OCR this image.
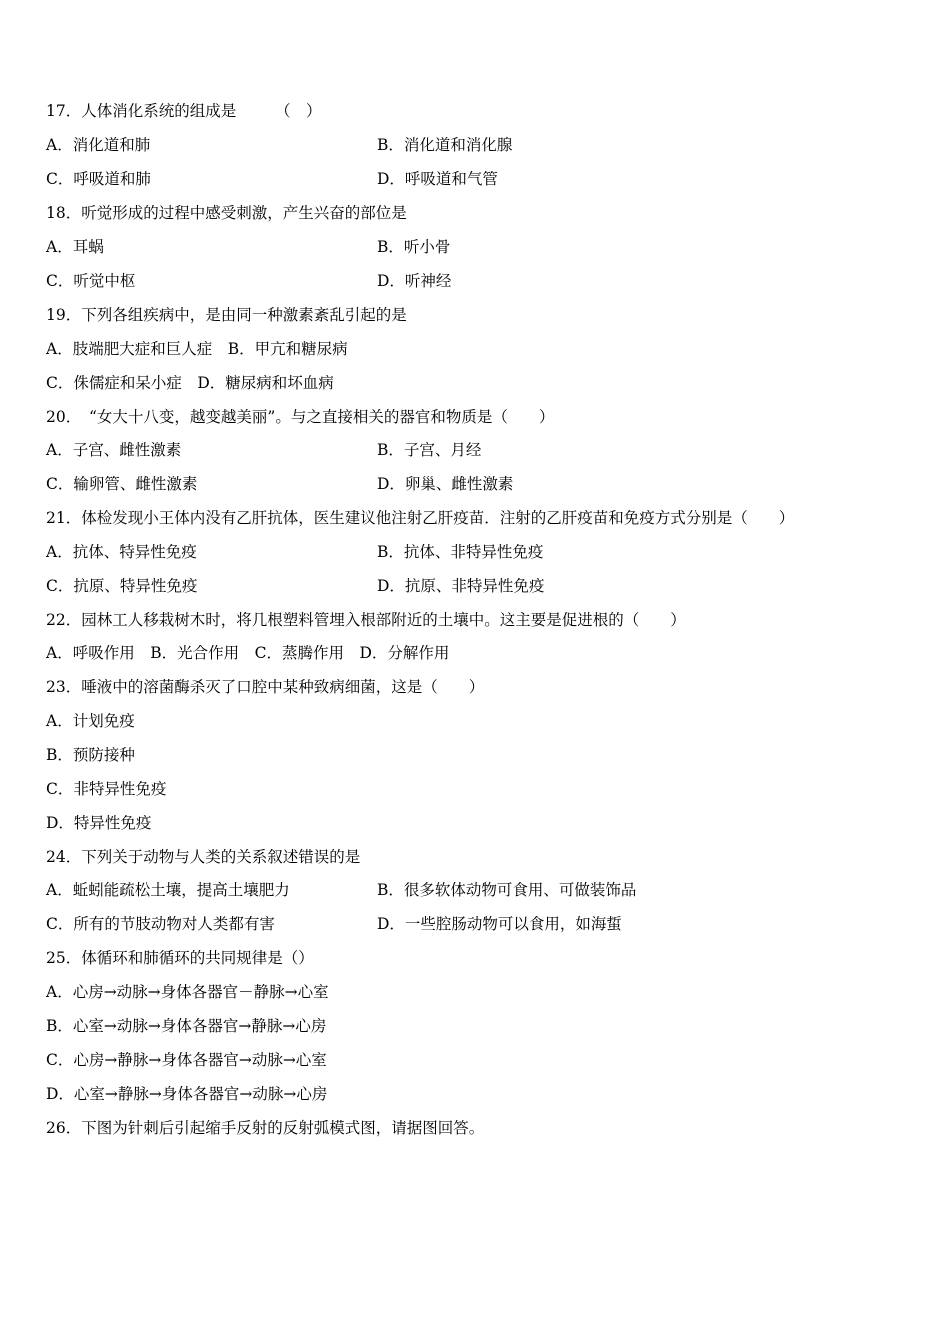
17．人体消化系统的组成是　　　（　）
A．消化道和肺	B．消化道和消化腺
C．呼吸道和肺	D．呼吸道和气管
18．听觉形成的过程中感受刺激，产生兴奋的部位是
A．耳蜗	B．听小骨
C．听觉中枢	D．听神经
19．下列各组疾病中，是由同一种激素紊乱引起的是
A．肢端肥大症和巨人症　B．甲亢和糖尿病
C．侏儒症和呆小症　D．糖尿病和坏血病
20．　“女大十八变，越变越美丽”。与之直接相关的器官和物质是（　　）
A．子宫、雌性激素	B．子宫、月经
C．输卵管、雌性激素	D．卵巢、雌性激素
21．体检发现小王体内没有乙肝抗体，医生建议他注射乙肝疫苗．注射的乙肝疫苗和免疫方式分别是（　　）
A．抗体、特异性免疫	B．抗体、非特异性免疫
C．抗原、特异性免疫	D．抗原、非特异性免疫
22．园林工人移栽树木时，将几根塑料管埋入根部附近的土壤中。这主要是促进根的（　　）
A．呼吸作用　B．光合作用　C．蒸腾作用　D．分解作用
23．唾液中的溶菌酶杀灭了口腔中某种致病细菌，这是（　　）
A．计划免疫
B．预防接种
C．非特异性免疫
D．特异性免疫
24．下列关于动物与人类的关系叙述错误的是
A．蚯蚓能疏松土壤，提高土壤肥力	B．很多软体动物可食用、可做装饰品
C．所有的节肢动物对人类都有害	D．一些腔肠动物可以食用，如海蜇
25．体循环和肺循环的共同规律是（）
A．心房→动脉→身体各器官－静脉→心室
B．心室→动脉→身体各器官→静脉→心房
C．心房→静脉→身体各器官→动脉→心室
D．心室→静脉→身体各器官→动脉→心房
26．下图为针刺后引起缩手反射的反射弧模式图，请据图回答。
